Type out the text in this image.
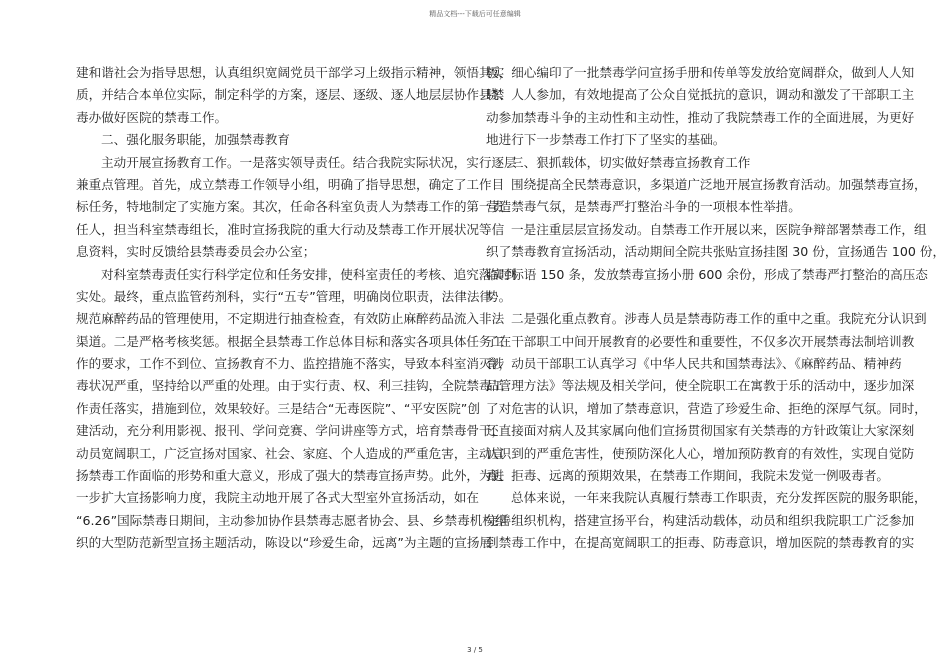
精品文档---下载后可任意编辑
建和谐社会为指导思想，认真组织宽阔党员干部学习上级指示精神，领悟其实
质，并结合本单位实际，制定科学的方案，逐层、逐级、逐人地层层协作县禁
毒办做好医院的禁毒工作。
二、强化服务职能，加强禁毒教育
主动开展宣扬教育工作。一是落实领导责任。结合我院实际状况，实行逐层
兼重点管理。首先，成立禁毒工作领导小组，明确了指导思想，确定了工作目
标任务，特地制定了实施方案。其次，任命各科室负责人为禁毒工作的第一责
任人，担当科室禁毒组长，准时宣扬我院的重大行动及禁毒工作开展状况等信
息资料，实时反馈给县禁毒委员会办公室；
对科室禁毒责任实行科学定位和任务安排，使科室责任的考核、追究落实到
实处。最终，重点监管药剂科，实行“五专”管理，明确岗位职责，法律法律
规范麻醉药品的管理使用，不定期进行抽查检查，有效防止麻醉药品流入非法
渠道。二是严格考核奖惩。根据全县禁毒工作总体目标和落实各项具体任务工
作的要求，工作不到位、宣扬教育不力、监控措施不落实，导致本科室消灭涉
毒状况严重，坚持给以严重的处理。由于实行责、权、利三挂钩，全院禁毒工
作责任落实，措施到位，效果较好。三是结合“无毒医院”、“平安医院”创
建活动，充分利用影视、报刊、学问竞赛、学问讲座等方式，培育禁毒骨干，
动员宽阔职工，广泛宣扬对国家、社会、家庭、个人造成的严重危害，主动宣
扬禁毒工作面临的形势和重大意义，形成了强大的禁毒宣扬声势。此外，为进
一步扩大宣扬影响力度，我院主动地开展了各式大型室外宣扬活动，如在
“6.26”国际禁毒日期间，主动参加协作县禁毒志愿者协会、县、乡禁毒机构组
织的大型防范新型宣扬主题活动，陈设以“珍爱生命，远离”为主题的宣扬展
板，细心编印了一批禁毒学问宣扬手册和传单等发放给宽阔群众，做到人人知
晓、人人参加，有效地提高了公众自觉抵抗的意识，调动和激发了干部职工主
动参加禁毒斗争的主动性和主动性，推动了我院禁毒工作的全面进展，为更好
地进行下一步禁毒工作打下了坚实的基础。
三、狠抓载体，切实做好禁毒宣扬教育工作
围绕提高全民禁毒意识，多渠道广泛地开展宣扬教育活动。加强禁毒宣扬，
营造禁毒气氛，是禁毒严打整治斗争的一项根本性举措。
一是注重层层宣扬发动。自禁毒工作开展以来，医院争辩部署禁毒工作，组
织了禁毒教育宣扬活动，活动期间全院共张贴宣扬挂图 30 份，宣扬通告 100 份，
临时标语 150 条，发放禁毒宣扬小册 600 余份，形成了禁毒严打整治的高压态
势。
二是强化重点教育。涉毒人员是禁毒防毒工作的重中之重。我院充分认识到
了在干部职工中间开展教育的必要性和重要性，不仅多次开展禁毒法制培训教
育，动员干部职工认真学习《中华人民共和国禁毒法》、《麻醉药品、精神药
品管理方法》等法规及相关学问，使全院职工在寓教于乐的活动中，逐步加深
了对危害的认识，增加了禁毒意识，营造了珍爱生命、拒绝的深厚气氛。同时，
还直接面对病人及其家属向他们宣扬贯彻国家有关禁毒的方针政策让大家深刻
认识到的严重危害性，使预防深化人心，增加预防教育的有效性，实现自觉防
毒、拒毒、远离的预期效果，在禁毒工作期间，我院未发觉一例吸毒者。
总体来说，一年来我院认真履行禁毒工作职责，充分发挥医院的服务职能，
完善组织机构，搭建宣扬平台，构建活动载体，动员和组织我院职工广泛参加
到禁毒工作中，在提高宽阔职工的拒毒、防毒意识，增加医院的禁毒教育的实
3 / 5
